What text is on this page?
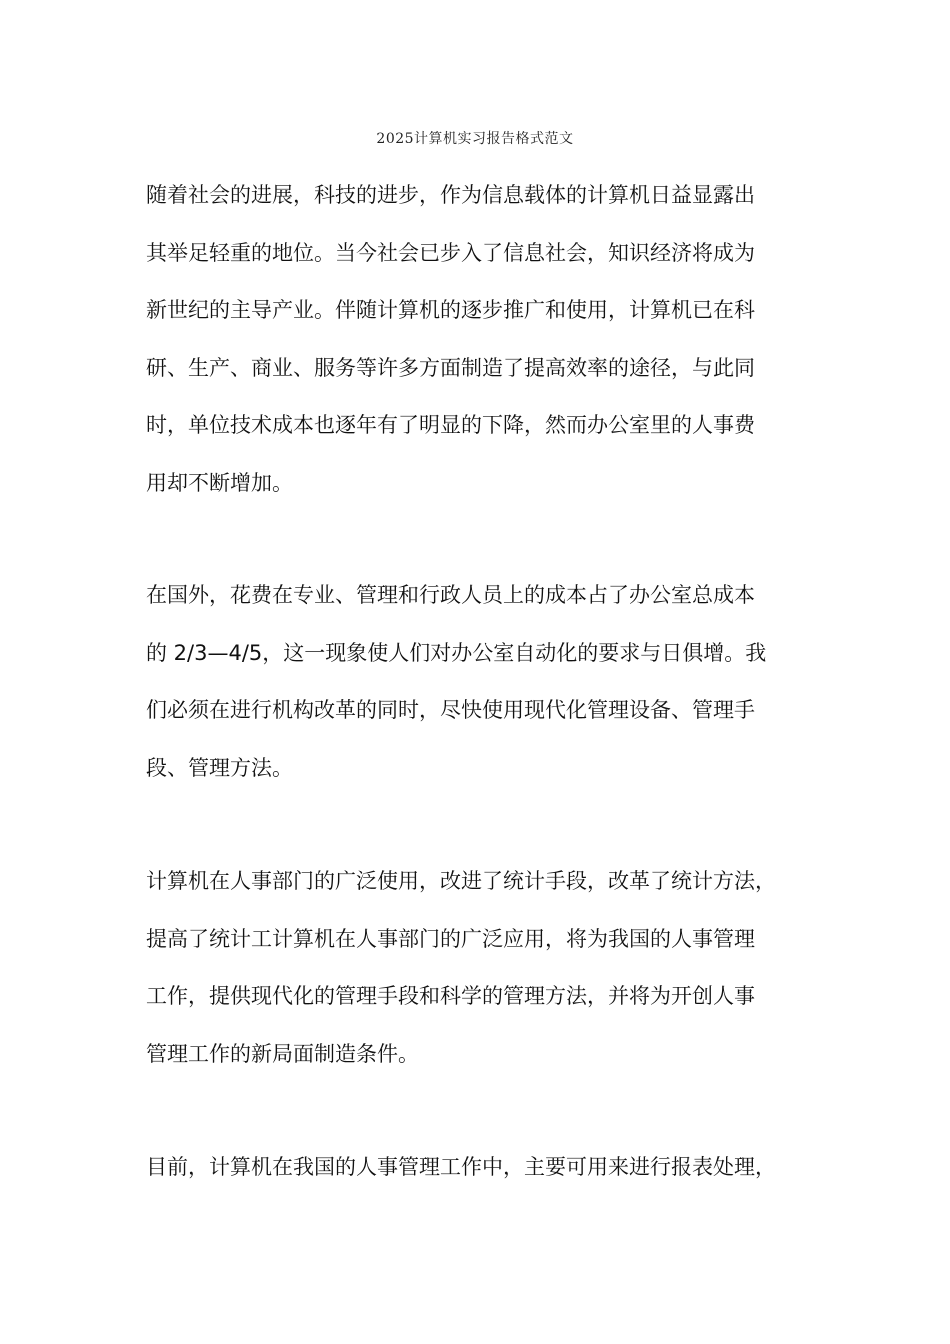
2025计算机实习报告格式范文
随着社会的进展，科技的进步，作为信息载体的计算机日益显露出
其举足轻重的地位。当今社会已步入了信息社会，知识经济将成为
新世纪的主导产业。伴随计算机的逐步推广和使用，计算机已在科
研、生产、商业、服务等许多方面制造了提高效率的途径，与此同
时，单位技术成本也逐年有了明显的下降，然而办公室里的人事费
用却不断增加。
在国外，花费在专业、管理和行政人员上的成本占了办公室总成本
的 2/3—4/5，这一现象使人们对办公室自动化的要求与日俱增。我
们必须在进行机构改革的同时，尽快使用现代化管理设备、管理手
段、管理方法。
计算机在人事部门的广泛使用，改进了统计手段，改革了统计方法，
提高了统计工计算机在人事部门的广泛应用，将为我国的人事管理
工作，提供现代化的管理手段和科学的管理方法，并将为开创人事
管理工作的新局面制造条件。
目前，计算机在我国的人事管理工作中，主要可用来进行报表处理，
